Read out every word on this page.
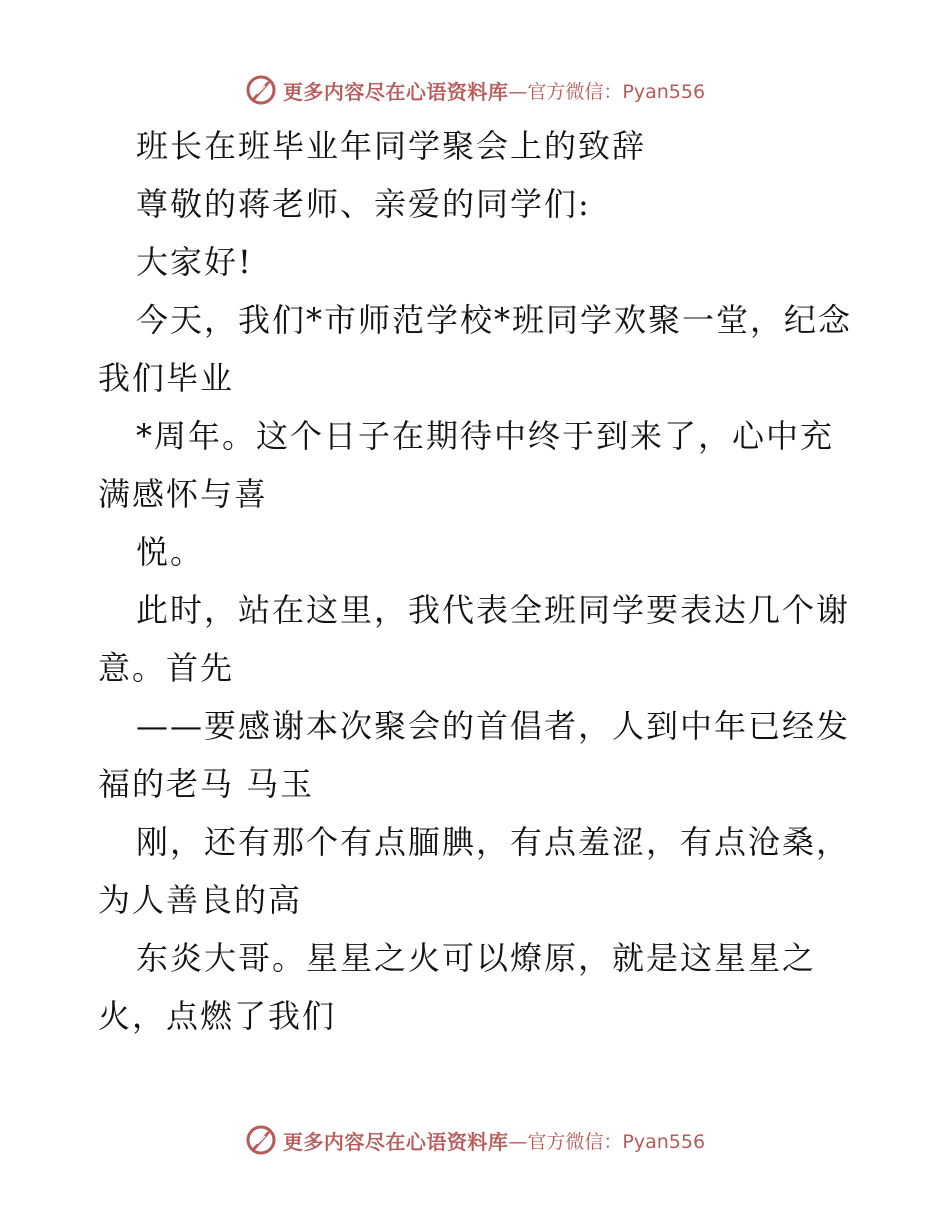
更多内容尽在心语资料库 —官方微信：Pyan556
班长在班毕业年同学聚会上的致辞
尊敬的蒋老师、亲爱的同学们:
大家好!
今天，我们*市师范学校*班同学欢聚一堂，纪念
我们毕业
*周年。这个日子在期待中终于到来了，心中充
满感怀与喜
悦。
此时，站在这里，我代表全班同学要表达几个谢
意。首先
——要感谢本次聚会的首倡者，人到中年已经发
福的老马 马玉
刚，还有那个有点腼腆，有点羞涩，有点沧桑，
为人善良的高
东炎大哥。星星之火可以燎原，就是这星星之
火，点燃了我们
更多内容尽在心语资料库 —官方微信：Pyan556
